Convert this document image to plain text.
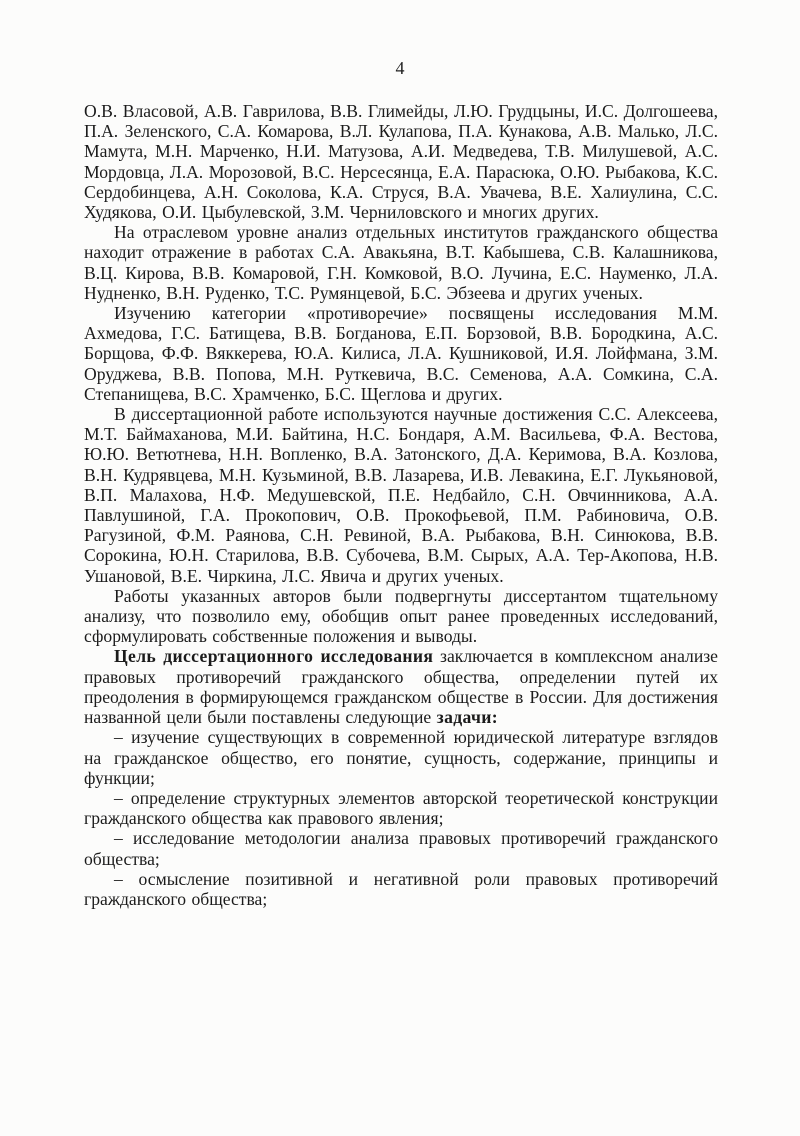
4

О.В. Власовой, А.В. Гаврилова, В.В. Глимейды, Л.Ю. Грудцыны, И.С. Долгошеева, П.А. Зеленского, С.А. Комарова, В.Л. Кулапова, П.А. Кунакова, А.В. Малько, Л.С. Мамута, М.Н. Марченко, Н.И. Матузова, А.И. Медведева, Т.В. Милушевой, А.С. Мордовца, Л.А. Морозовой, В.С. Нерсесянца, Е.А. Парасюка, О.Ю. Рыбакова, К.С. Сердобинцева, А.Н. Соколова, К.А. Струся, В.А. Увачева, В.Е. Халиулина, С.С. Худякова, О.И. Цыбулевской, З.М. Черниловского и многих других.

На отраслевом уровне анализ отдельных институтов гражданского общества находит отражение в работах С.А. Авакьяна, В.Т. Кабышева, С.В. Калашникова, В.Ц. Кирова, В.В. Комаровой, Г.Н. Комковой, В.О. Лучина, Е.С. Науменко, Л.А. Нудненко, В.Н. Руденко, Т.С. Румянцевой, Б.С. Эбзеева и других ученых.

Изучению категории «противоречие» посвящены исследования М.М. Ахмедова, Г.С. Батищева, В.В. Богданова, Е.П. Борзовой, В.В. Бородкина, А.С. Борщова, Ф.Ф. Вяккерева, Ю.А. Килиса, Л.А. Кушниковой, И.Я. Лойфмана, З.М. Оруджева, В.В. Попова, М.Н. Руткевича, В.С. Семенова, А.А. Сомкина, С.А. Степанищева, В.С. Храмченко, Б.С. Щеглова и других.

В диссертационной работе используются научные достижения С.С. Алексеева, М.Т. Баймаханова, М.И. Байтина, Н.С. Бондаря, А.М. Васильева, Ф.А. Вестова, Ю.Ю. Ветютнева, Н.Н. Вопленко, В.А. Затонского, Д.А. Керимова, В.А. Козлова, В.Н. Кудрявцева, М.Н. Кузьминой, В.В. Лазарева, И.В. Левакина, Е.Г. Лукьяновой, В.П. Малахова, Н.Ф. Медушевской, П.Е. Недбайло, С.Н. Овчинникова, А.А. Павлушиной, Г.А. Прокопович, О.В. Прокофьевой, П.М. Рабиновича, О.В. Рагузиной, Ф.М. Раянова, С.Н. Ревиной, В.А. Рыбакова, В.Н. Синюкова, В.В. Сорокина, Ю.Н. Старилова, В.В. Субочева, В.М. Сырых, А.А. Тер-Акопова, Н.В. Ушановой, В.Е. Чиркина, Л.С. Явича и других ученых.

Работы указанных авторов были подвергнуты диссертантом тщательному анализу, что позволило ему, обобщив опыт ранее проведенных исследований, сформулировать собственные положения и выводы.

Цель диссертационного исследования заключается в комплексном анализе правовых противоречий гражданского общества, определении путей их преодоления в формирующемся гражданском обществе в России. Для достижения названной цели были поставлены следующие задачи:

– изучение существующих в современной юридической литературе взглядов на гражданское общество, его понятие, сущность, содержание, принципы и функции;

– определение структурных элементов авторской теоретической конструкции гражданского общества как правового явления;

– исследование методологии анализа правовых противоречий гражданского общества;

– осмысление позитивной и негативной роли правовых противоречий гражданского общества;
